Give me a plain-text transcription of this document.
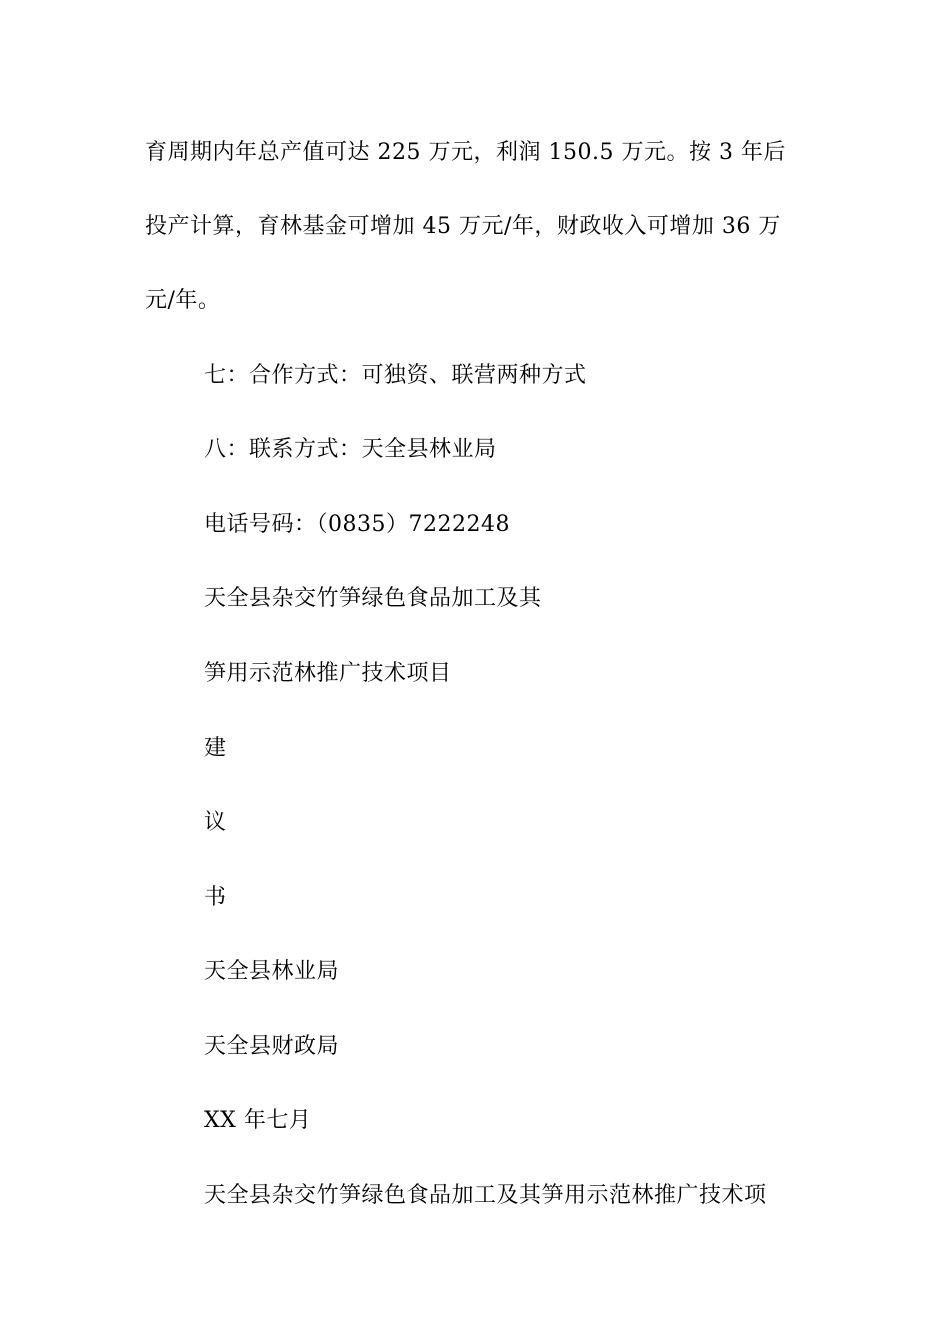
育周期内年总产值可达 225 万元，利润 150.5 万元。按 3 年后
投产计算，育林基金可增加 45 万元/年，财政收入可增加 36 万
元/年。
七：合作方式：可独资、联营两种方式
八：联系方式：天全县林业局
电话号码：（0835）7222248
天全县杂交竹笋绿色食品加工及其
笋用示范林推广技术项目
建
议
书
天全县林业局
天全县财政局
XX 年七月
天全县杂交竹笋绿色食品加工及其笋用示范林推广技术项
